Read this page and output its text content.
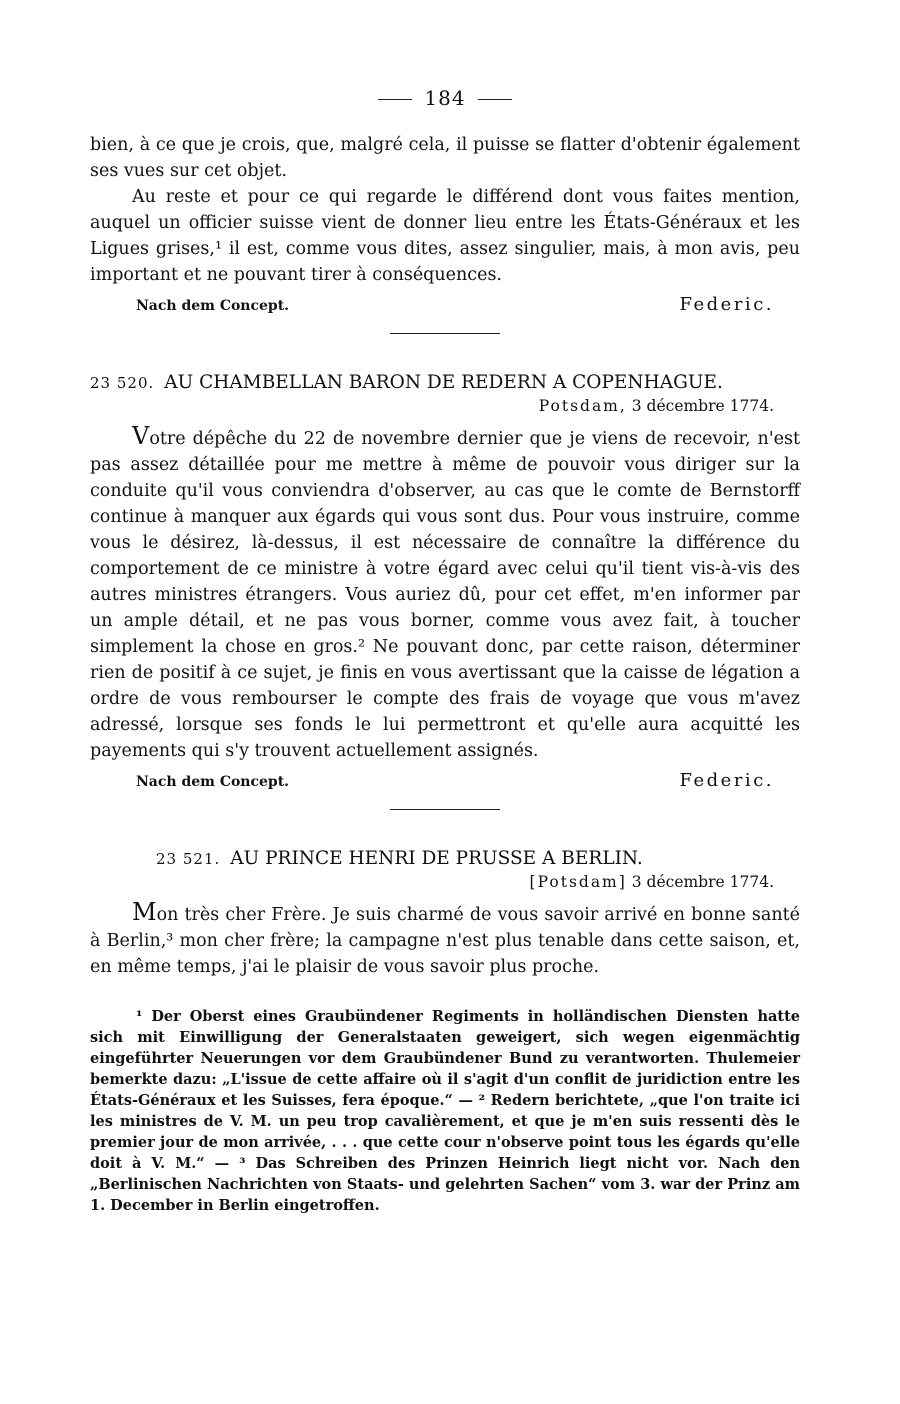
184

bien, à ce que je crois, que, malgré cela, il puisse se flatter d'obtenir également ses vues sur cet objet.

Au reste et pour ce qui regarde le différend dont vous faites mention, auquel un officier suisse vient de donner lieu entre les États-Généraux et les Ligues grises,¹ il est, comme vous dites, assez singulier, mais, à mon avis, peu important et ne pouvant tirer à conséquences.

Nach dem Concept.	Federic.

23 520. AU CHAMBELLAN BARON DE REDERN A COPENHAGUE.

Potsdam, 3 décembre 1774.

Votre dépêche du 22 de novembre dernier que je viens de recevoir, n'est pas assez détaillée pour me mettre à même de pouvoir vous diriger sur la conduite qu'il vous conviendra d'observer, au cas que le comte de Bernstorff continue à manquer aux égards qui vous sont dus. Pour vous instruire, comme vous le désirez, là-dessus, il est nécessaire de connaître la différence du comportement de ce ministre à votre égard avec celui qu'il tient vis-à-vis des autres ministres étrangers. Vous auriez dû, pour cet effet, m'en informer par un ample détail, et ne pas vous borner, comme vous avez fait, à toucher simplement la chose en gros.² Ne pouvant donc, par cette raison, déterminer rien de positif à ce sujet, je finis en vous avertissant que la caisse de légation a ordre de vous rembourser le compte des frais de voyage que vous m'avez adressé, lorsque ses fonds le lui permettront et qu'elle aura acquitté les payements qui s'y trouvent actuellement assignés.

Nach dem Concept.	Federic.

23 521. AU PRINCE HENRI DE PRUSSE A BERLIN.

[Potsdam] 3 décembre 1774.

Mon très cher Frère. Je suis charmé de vous savoir arrivé en bonne santé à Berlin,³ mon cher frère; la campagne n'est plus tenable dans cette saison, et, en même temps, j'ai le plaisir de vous savoir plus proche.

¹ Der Oberst eines Graubündener Regiments in holländischen Diensten hatte sich mit Einwilligung der Generalstaaten geweigert, sich wegen eigenmächtig eingeführter Neuerungen vor dem Graubündener Bund zu verantworten. Thulemeier bemerkte dazu: „L'issue de cette affaire où il s'agit d'un conflit de juridiction entre les États-Généraux et les Suisses, fera époque.“ — ² Redern berichtete, „que l'on traite ici les ministres de V. M. un peu trop cavalièrement, et que je m'en suis ressenti dès le premier jour de mon arrivée, . . . que cette cour n'observe point tous les égards qu'elle doit à V. M.“ — ³ Das Schreiben des Prinzen Heinrich liegt nicht vor. Nach den „Berlinischen Nachrichten von Staats- und gelehrten Sachen“ vom 3. war der Prinz am 1. December in Berlin eingetroffen.
